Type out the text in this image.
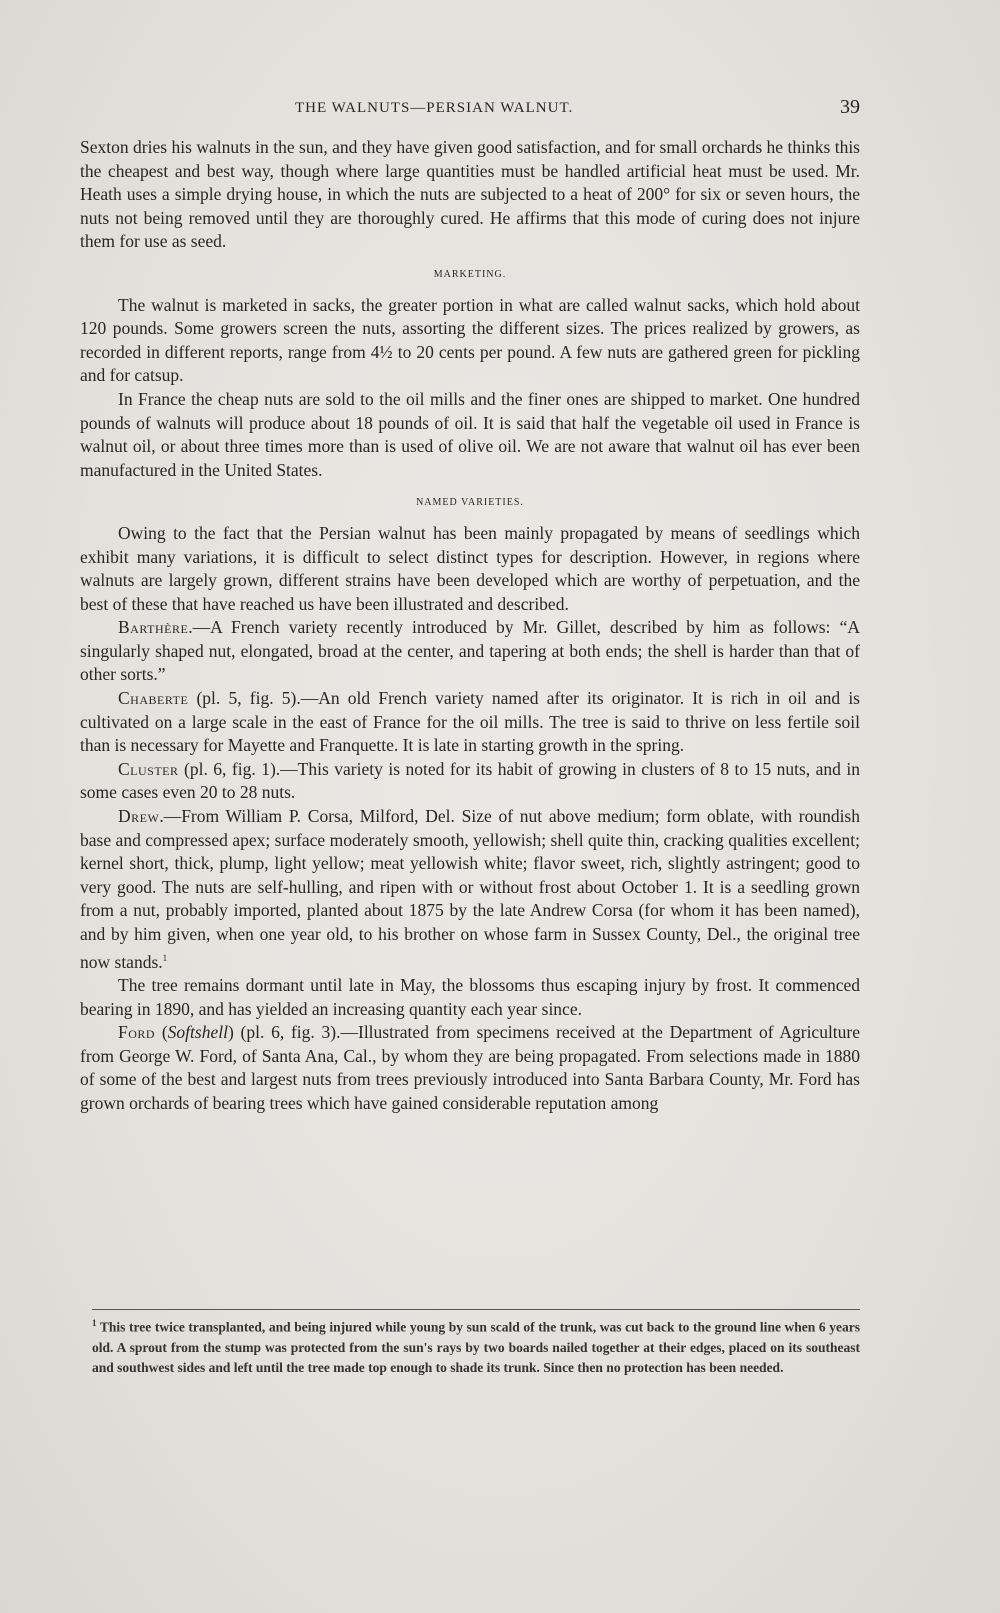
THE WALNUTS—PERSIAN WALNUT.	39

Sexton dries his walnuts in the sun, and they have given good satisfaction, and for small orchards he thinks this the cheapest and best way, though where large quantities must be handled artificial heat must be used. Mr. Heath uses a simple drying house, in which the nuts are subjected to a heat of 200° for six or seven hours, the nuts not being removed until they are thoroughly cured. He affirms that this mode of curing does not injure them for use as seed.

MARKETING.

The walnut is marketed in sacks, the greater portion in what are called walnut sacks, which hold about 120 pounds. Some growers screen the nuts, assorting the different sizes. The prices realized by growers, as recorded in different reports, range from 4½ to 20 cents per pound. A few nuts are gathered green for pickling and for catsup.

In France the cheap nuts are sold to the oil mills and the finer ones are shipped to market. One hundred pounds of walnuts will produce about 18 pounds of oil. It is said that half the vegetable oil used in France is walnut oil, or about three times more than is used of olive oil. We are not aware that walnut oil has ever been manufactured in the United States.

NAMED VARIETIES.

Owing to the fact that the Persian walnut has been mainly propagated by means of seedlings which exhibit many variations, it is difficult to select distinct types for description. However, in regions where walnuts are largely grown, different strains have been developed which are worthy of perpetuation, and the best of these that have reached us have been illustrated and described.

Barthère.—A French variety recently introduced by Mr. Gillet, described by him as follows: “A singularly shaped nut, elongated, broad at the center, and tapering at both ends; the shell is harder than that of other sorts.”

Chaberte (pl. 5, fig. 5).—An old French variety named after its originator. It is rich in oil and is cultivated on a large scale in the east of France for the oil mills. The tree is said to thrive on less fertile soil than is necessary for Mayette and Franquette. It is late in starting growth in the spring.

Cluster (pl. 6, fig. 1).—This variety is noted for its habit of growing in clusters of 8 to 15 nuts, and in some cases even 20 to 28 nuts.

Drew.—From William P. Corsa, Milford, Del. Size of nut above medium; form oblate, with roundish base and compressed apex; surface moderately smooth, yellowish; shell quite thin, cracking qualities excellent; kernel short, thick, plump, light yellow; meat yellowish white; flavor sweet, rich, slightly astringent; good to very good. The nuts are self-hulling, and ripen with or without frost about October 1. It is a seedling grown from a nut, probably imported, planted about 1875 by the late Andrew Corsa (for whom it has been named), and by him given, when one year old, to his brother on whose farm in Sussex County, Del., the original tree now stands.$^1$

The tree remains dormant until late in May, the blossoms thus escaping injury by frost. It commenced bearing in 1890, and has yielded an increasing quantity each year since.

Ford (Softshell) (pl. 6, fig. 3).—Illustrated from specimens received at the Department of Agriculture from George W. Ford, of Santa Ana, Cal., by whom they are being propagated. From selections made in 1880 of some of the best and largest nuts from trees previously introduced into Santa Barbara County, Mr. Ford has grown orchards of bearing trees which have gained considerable reputation among

$^1$ This tree twice transplanted, and being injured while young by sun scald of the trunk, was cut back to the ground line when 6 years old. A sprout from the stump was protected from the sun's rays by two boards nailed together at their edges, placed on its southeast and southwest sides and left until the tree made top enough to shade its trunk. Since then no protection has been needed.
